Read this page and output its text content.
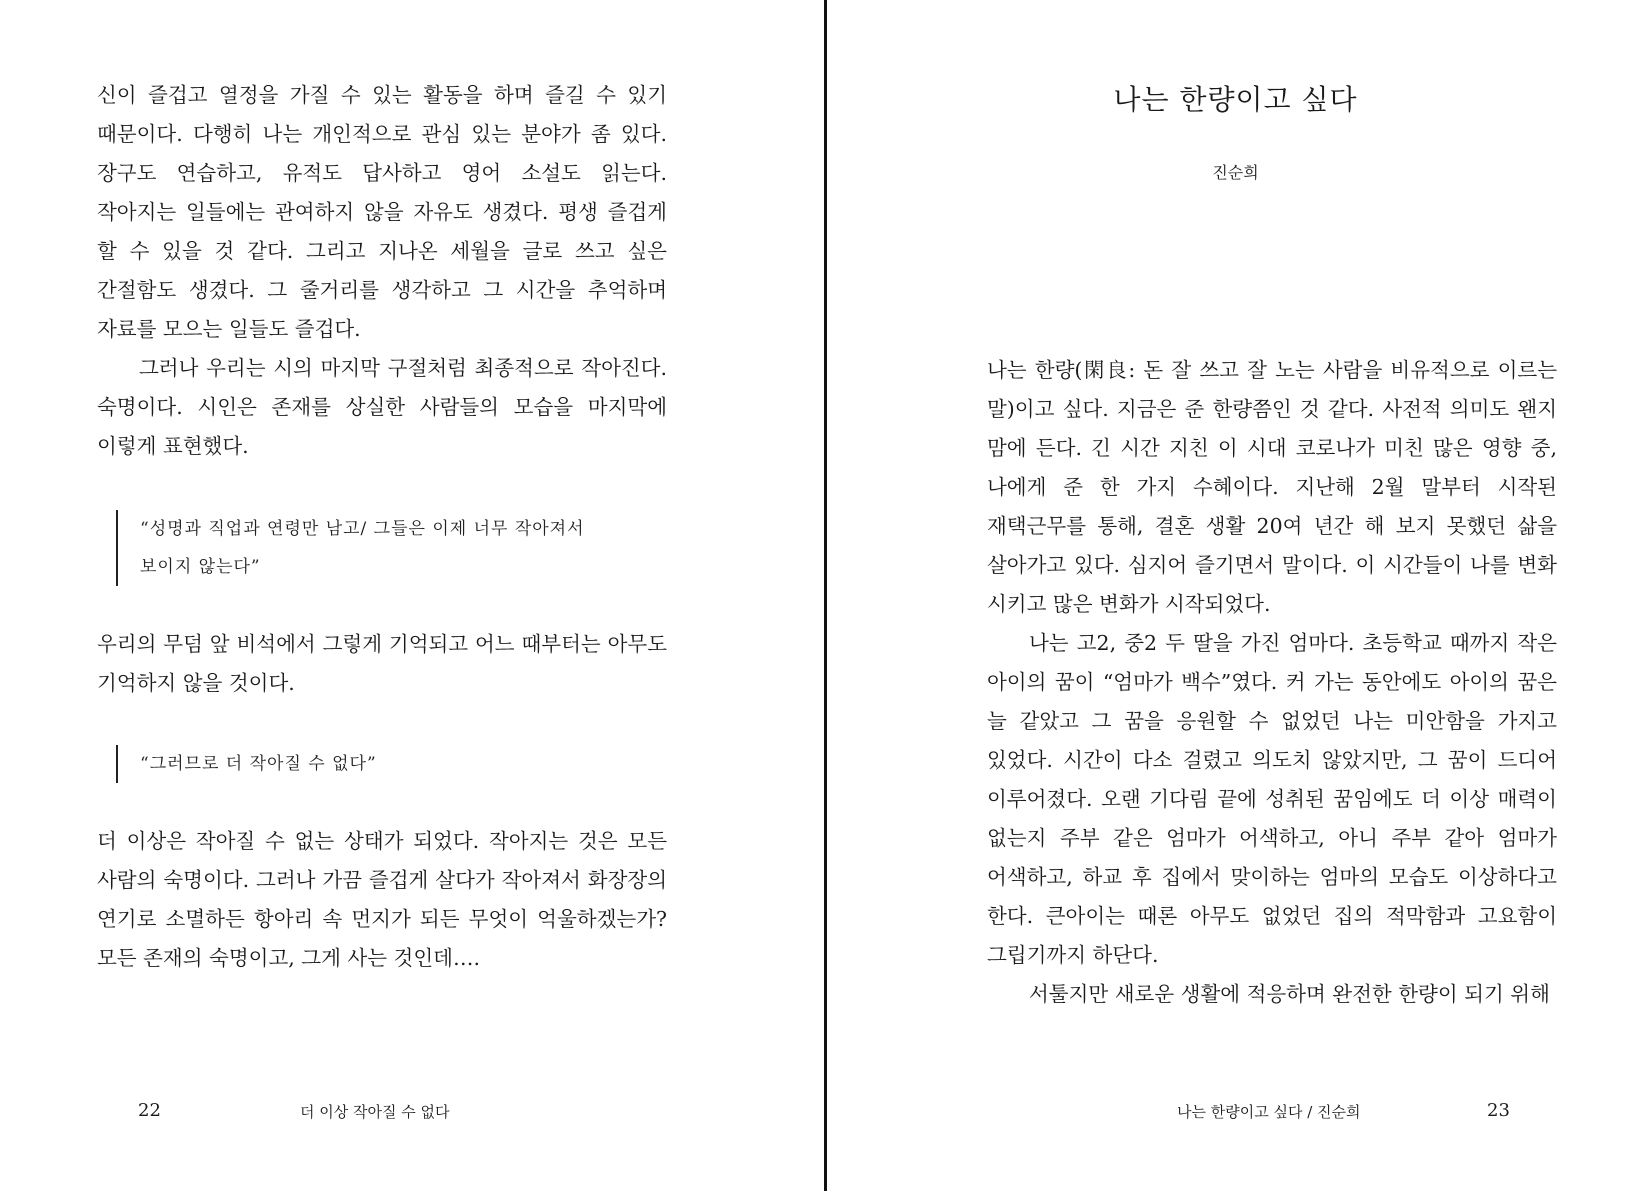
신이 즐겁고 열정을 가질 수 있는 활동을 하며 즐길 수 있기 때문이다. 다행히 나는 개인적으로 관심 있는 분야가 좀 있다. 장구도 연습하고, 유적도 답사하고 영어 소설도 읽는다. 작아지는 일들에는 관여하지 않을 자유도 생겼다. 평생 즐겁게 할 수 있을 것 같다. 그리고 지나온 세월을 글로 쓰고 싶은 간절함도 생겼다. 그 줄거리를 생각하고 그 시간을 추억하며 자료를 모으는 일들도 즐겁다.

그러나 우리는 시의 마지막 구절처럼 최종적으로 작아진다. 숙명이다. 시인은 존재를 상실한 사람들의 모습을 마지막에 이렇게 표현했다.

“성명과 직업과 연령만 남고/ 그들은 이제 너무 작아져서

보이지 않는다”

우리의 무덤 앞 비석에서 그렇게 기억되고 어느 때부터는 아무도 기억하지 않을 것이다.

“그러므로 더 작아질 수 없다”

더 이상은 작아질 수 없는 상태가 되었다. 작아지는 것은 모든 사람의 숙명이다. 그러나 가끔 즐겁게 살다가 작아져서 화장장의 연기로 소멸하든 항아리 속 먼지가 되든 무엇이 억울하겠는가? 모든 존재의 숙명이고, 그게 사는 것인데….

22	더 이상 작아질 수 없다
나는 한량이고 싶다
진순희

나는 한량(閑良: 돈 잘 쓰고 잘 노는 사람을 비유적으로 이르는 말)이고 싶다. 지금은 준 한량쯤인 것 같다. 사전적 의미도 왠지 맘에 든다. 긴 시간 지친 이 시대 코로나가 미친 많은 영향 중, 나에게 준 한 가지 수혜이다. 지난해 2월 말부터 시작된 재택근무를 통해, 결혼 생활 20여 년간 해 보지 못했던 삶을 살아가고 있다. 심지어 즐기면서 말이다. 이 시간들이 나를 변화 시키고 많은 변화가 시작되었다.

나는 고2, 중2 두 딸을 가진 엄마다. 초등학교 때까지 작은 아이의 꿈이 “엄마가 백수”였다. 커 가는 동안에도 아이의 꿈은 늘 같았고 그 꿈을 응원할 수 없었던 나는 미안함을 가지고 있었다. 시간이 다소 걸렸고 의도치 않았지만, 그 꿈이 드디어 이루어졌다. 오랜 기다림 끝에 성취된 꿈임에도 더 이상 매력이 없는지 주부 같은 엄마가 어색하고, 아니 주부 같아 엄마가 어색하고, 하교 후 집에서 맞이하는 엄마의 모습도 이상하다고 한다. 큰아이는 때론 아무도 없었던 집의 적막함과 고요함이 그립기까지 하단다.

서툴지만 새로운 생활에 적응하며 완전한 한량이 되기 위해

나는 한량이고 싶다 / 진순희	23
